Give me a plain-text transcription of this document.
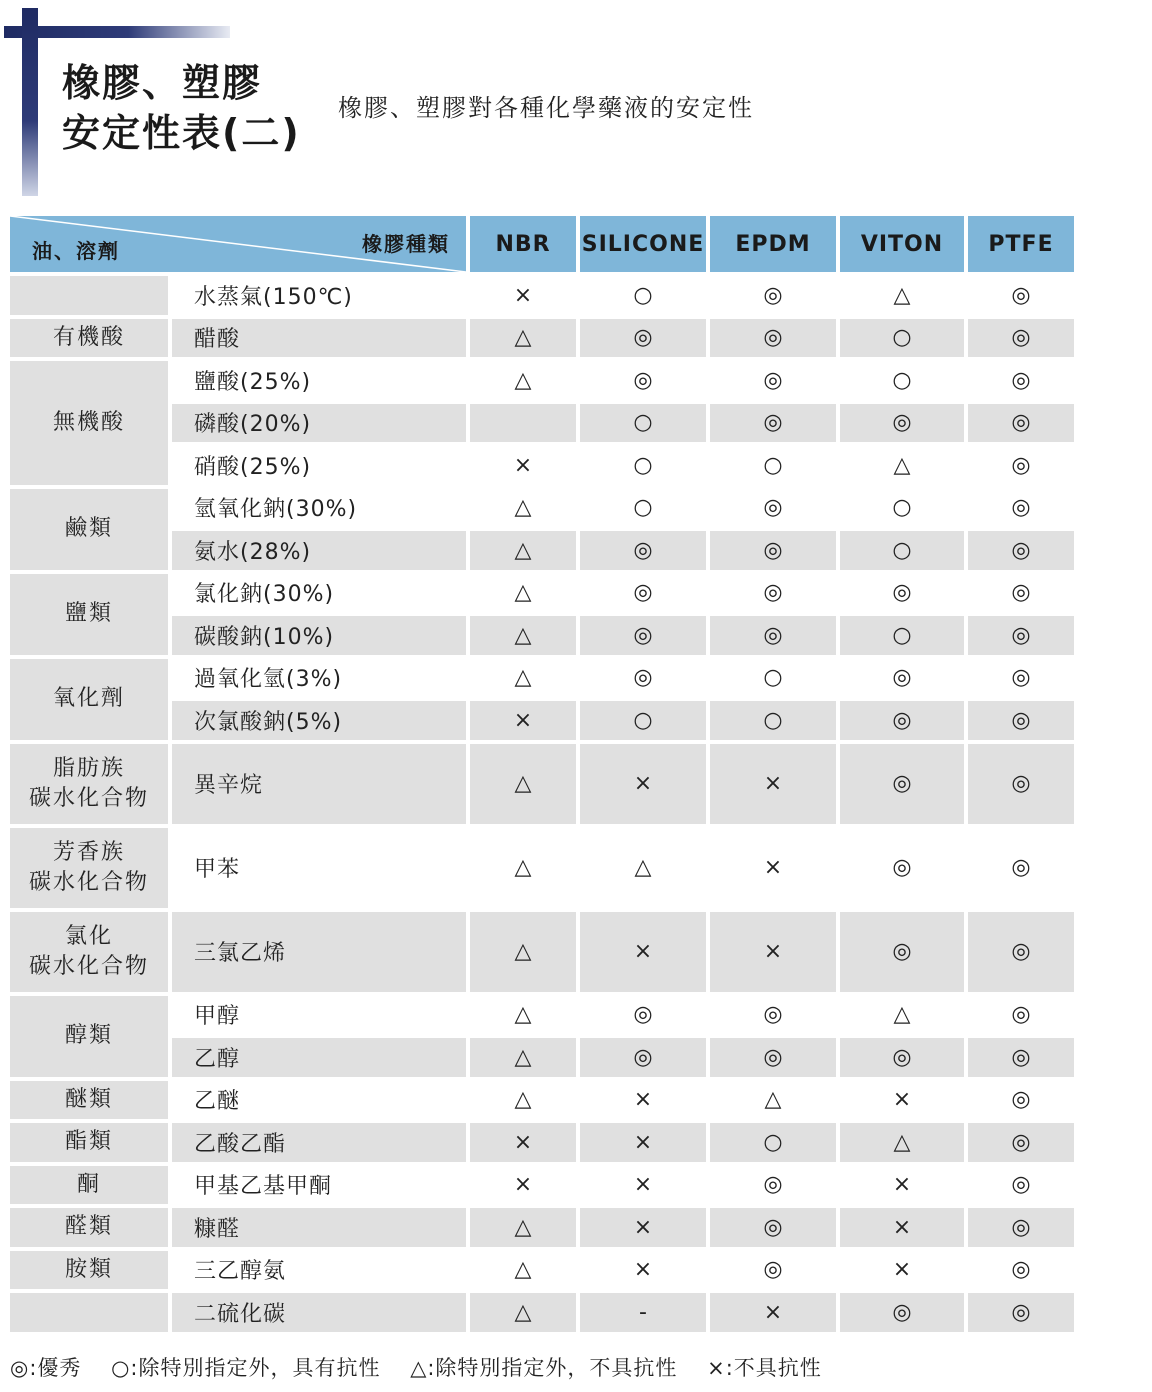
橡膠、塑膠
安定性表(二)
橡膠、塑膠對各種化學藥液的安定性
橡膠種類
油、溶劑		NBR	SILICONE	EPDM	VITON	PTFE

	水蒸氣(150℃)	×	○	◎	△	◎

有機酸	醋酸	△	◎	◎	○	◎

無機酸	鹽酸(25%)	△	◎	◎	○	◎
	磷酸(20%)		○	◎	◎	◎
	硝酸(25%)	×	○	○	△	◎

鹼類	氫氧化鈉(30%)	△	○	◎	○	◎
	氨水(28%)	△	◎	◎	○	◎

鹽類	氯化鈉(30%)	△	◎	◎	◎	◎
	碳酸鈉(10%)	△	◎	◎	○	◎

氧化劑	過氧化氫(3%)	△	◎	○	◎	◎
	次氯酸鈉(5%)	×	○	○	◎	◎

脂肪族
碳水化合物	異辛烷	△	×	×	◎	◎

芳香族
碳水化合物	甲苯	△	△	×	◎	◎

氯化
碳水化合物	三氯乙烯	△	×	×	◎	◎

醇類	甲醇	△	◎	◎	△	◎
	乙醇	△	◎	◎	◎	◎

醚類	乙醚	△	×	△	×	◎

酯類	乙酸乙酯	×	×	○	△	◎

酮	甲基乙基甲酮	×	×	◎	×	◎

醛類	糠醛	△	×	◎	×	◎

胺類	三乙醇氨	△	×	◎	×	◎

	二硫化碳	△	-	×	◎	◎
◎:優秀 ○:除特別指定外，具有抗性 △:除特別指定外，不具抗性 ×:不具抗性
